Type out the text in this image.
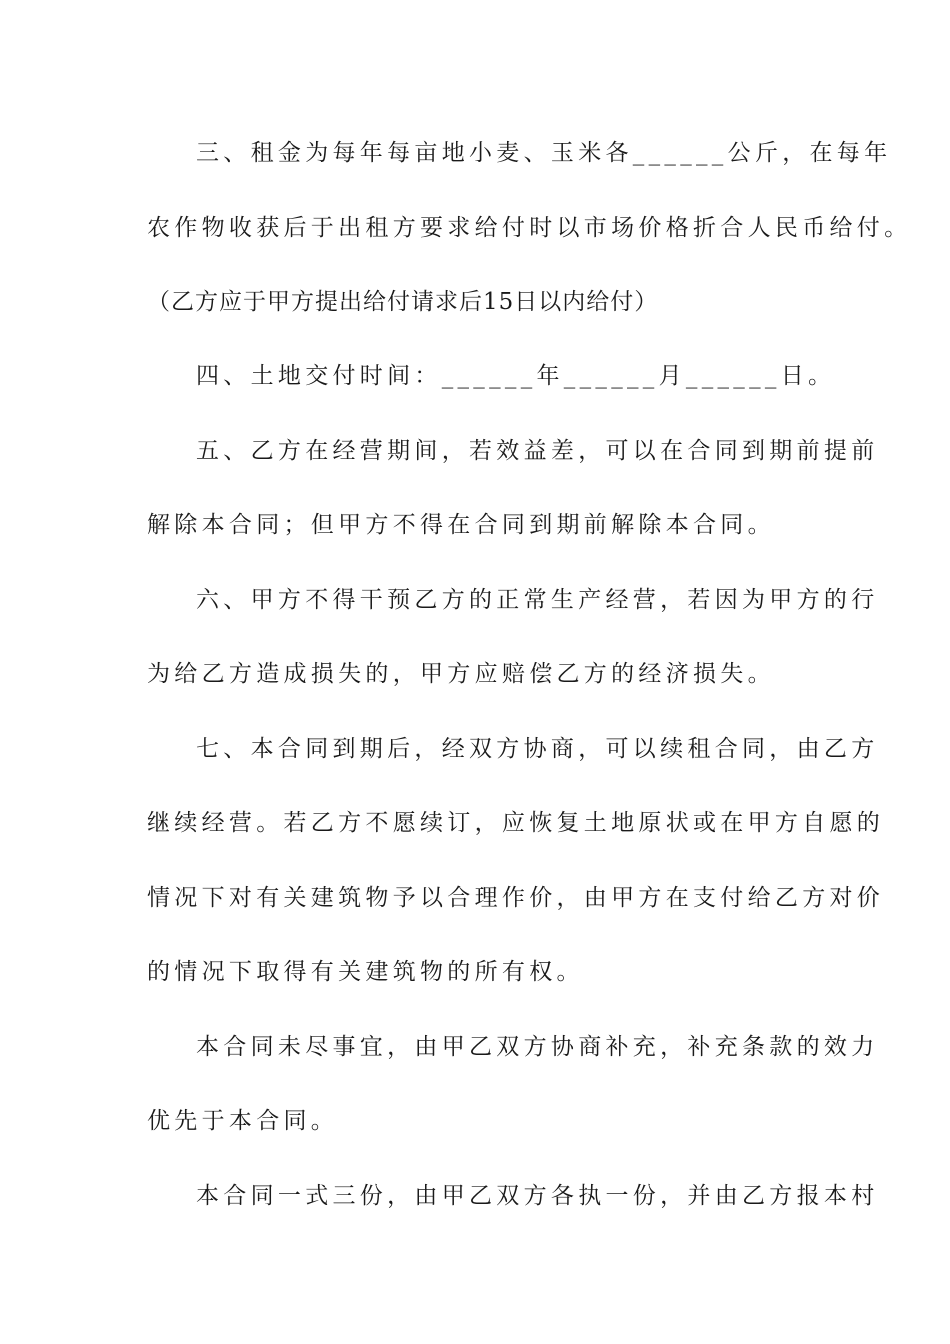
三、租金为每年每亩地小麦、玉米各______公斤，在每年
农作物收获后于出租方要求给付时以市场价格折合人民币给付。
（乙方应于甲方提出给付请求后15日以内给付）
四、土地交付时间：______年______月______日。
五、乙方在经营期间，若效益差，可以在合同到期前提前
解除本合同；但甲方不得在合同到期前解除本合同。
六、甲方不得干预乙方的正常生产经营，若因为甲方的行
为给乙方造成损失的，甲方应赔偿乙方的经济损失。
七、本合同到期后，经双方协商，可以续租合同，由乙方
继续经营。若乙方不愿续订，应恢复土地原状或在甲方自愿的
情况下对有关建筑物予以合理作价，由甲方在支付给乙方对价
的情况下取得有关建筑物的所有权。
本合同未尽事宜，由甲乙双方协商补充，补充条款的效力
优先于本合同。
本合同一式三份，由甲乙双方各执一份，并由乙方报本村
